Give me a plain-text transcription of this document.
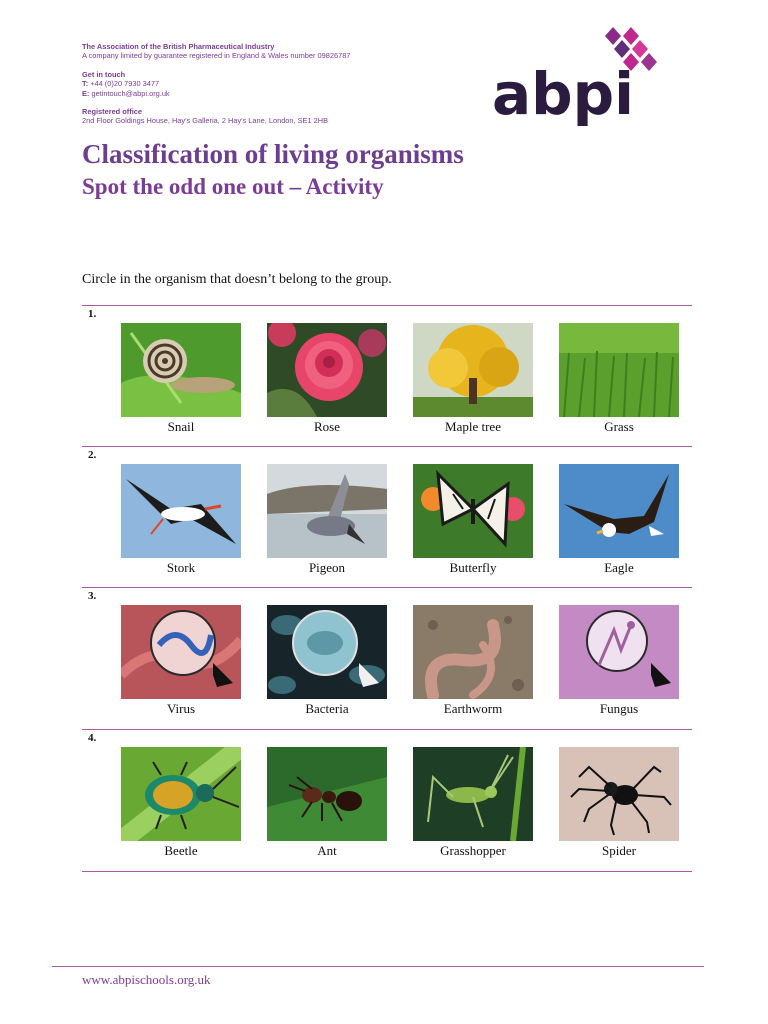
The Association of the British Pharmaceutical Industry
A company limited by guarantee registered in England & Wales number 09826787
Get in touch
T: +44 (0)20 7930 3477
E: getintouch@abpi.org.uk
Registered office
2nd Floor Goldings House, Hay's Galleria, 2 Hay's Lane, London, SE1 2HB	abpi
Classification of living organisms
Spot the odd one out – Activity

Circle in the organism that doesn’t belong to the group.

1.
Snail	Rose	Maple tree	Grass
2.
Stork	Pigeon	Butterfly	Eagle
3.
Virus	Bacteria	Earthworm	Fungus
4.
Beetle	Ant	Grasshopper	Spider
www.abpischools.org.uk
